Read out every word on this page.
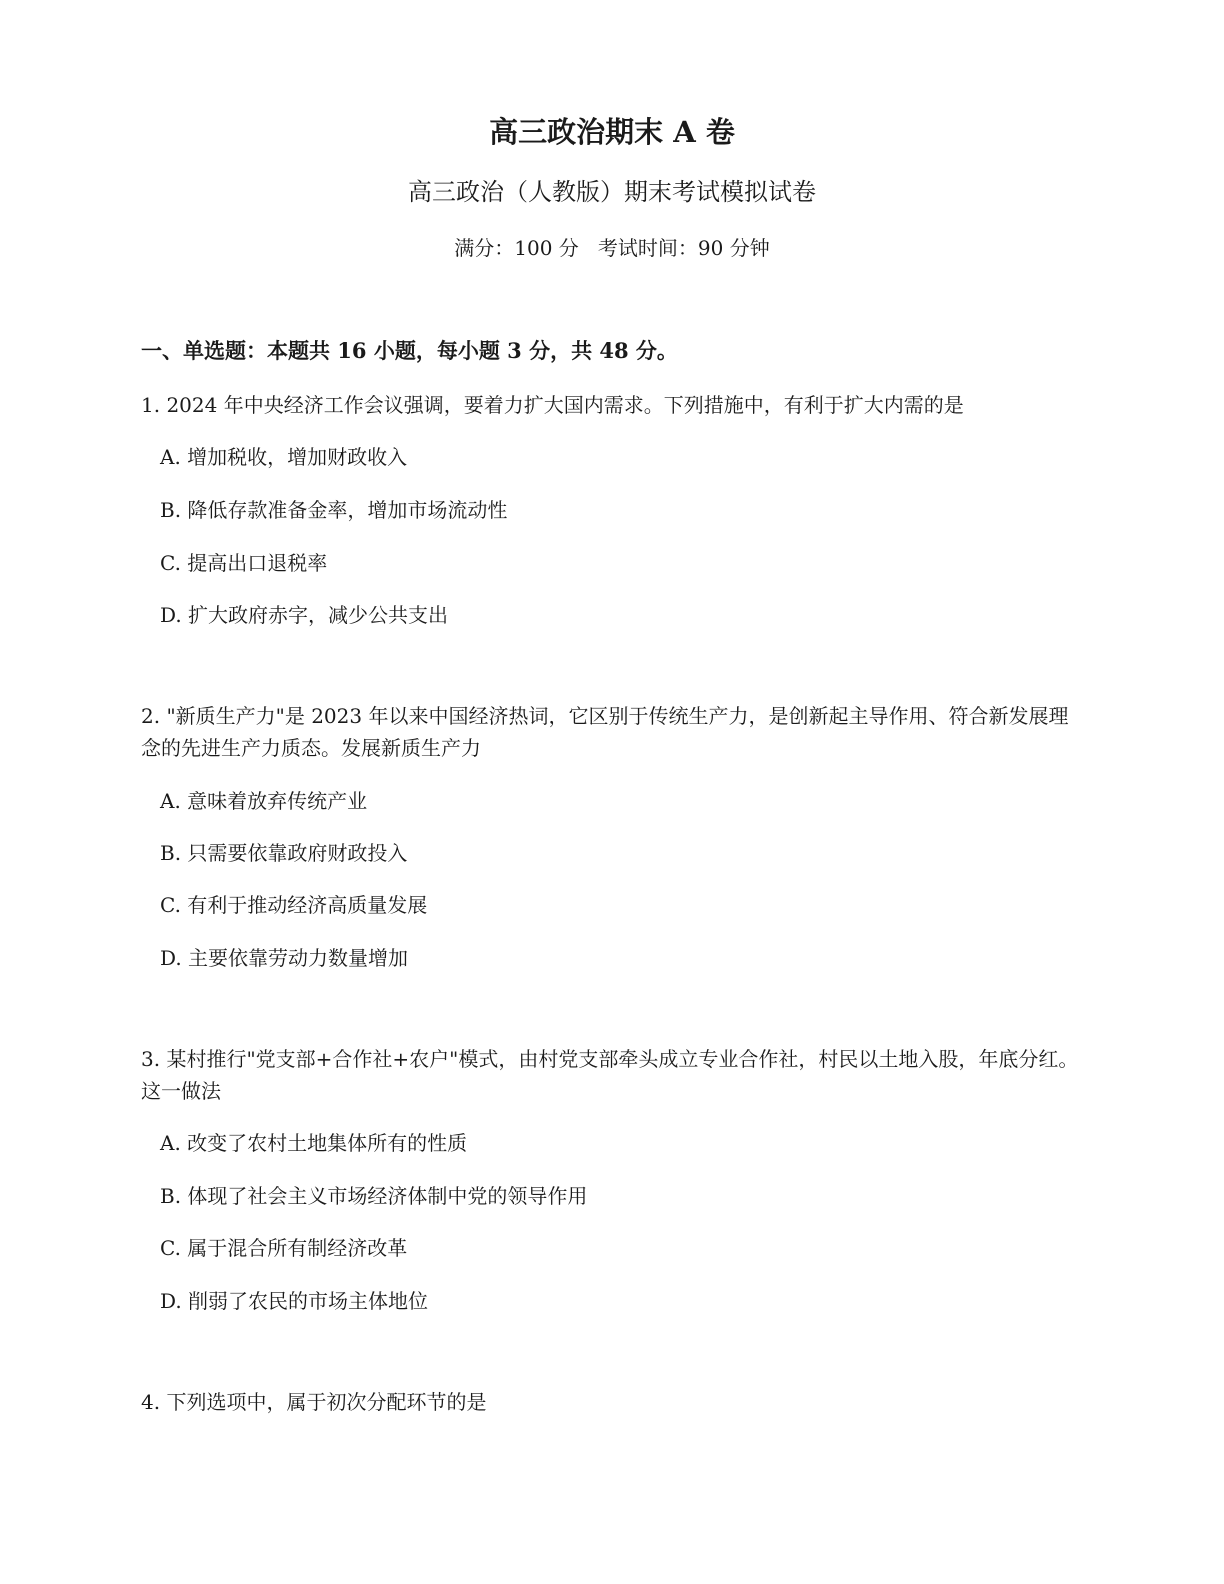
高三政治期末 A 卷
高三政治（人教版）期末考试模拟试卷
满分：100 分   考试时间：90 分钟
一、单选题：本题共 16 小题，每小题 3 分，共 48 分。
1. 2024 年中央经济工作会议强调，要着力扩大国内需求。下列措施中，有利于扩大内需的是
A. 增加税收，增加财政收入
B. 降低存款准备金率，增加市场流动性
C. 提高出口退税率
D. 扩大政府赤字，减少公共支出
2. "新质生产力"是 2023 年以来中国经济热词，它区别于传统生产力，是创新起主导作用、符合新发展理念的先进生产力质态。发展新质生产力
A. 意味着放弃传统产业
B. 只需要依靠政府财政投入
C. 有利于推动经济高质量发展
D. 主要依靠劳动力数量增加
3. 某村推行"党支部+合作社+农户"模式，由村党支部牵头成立专业合作社，村民以土地入股，年底分红。这一做法
A. 改变了农村土地集体所有的性质
B. 体现了社会主义市场经济体制中党的领导作用
C. 属于混合所有制经济改革
D. 削弱了农民的市场主体地位
4. 下列选项中，属于初次分配环节的是
